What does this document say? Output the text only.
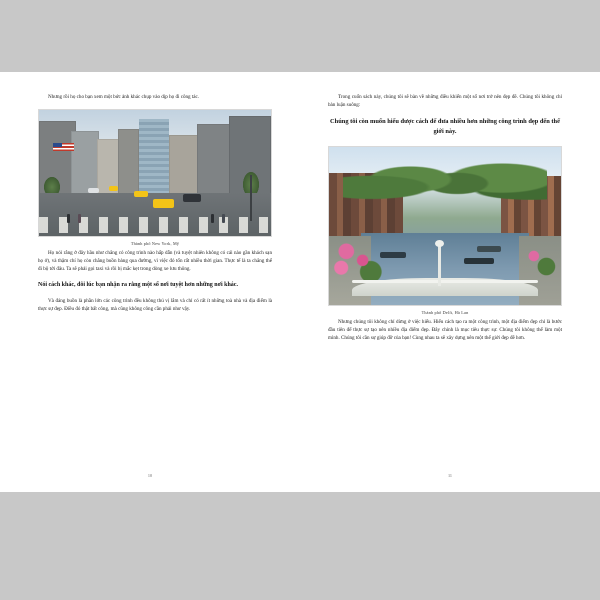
Nhưng rồi họ cho bạn xem một bức ảnh khác chụp vào dịp họ đi công tác.

Thành phố New York, Mỹ

Họ nói rằng ở đây hầu như chẳng có công trình nào hấp dẫn (và tuyệt nhiên không có cái nào gần khách sạn họ ở), và thậm chí họ còn chẳng buồn bàng qua đường, vì việc đó tốn rất nhiều thời gian. Thực tế là ta chẳng thể đi bộ tới đâu. Ta sẽ phải gọi taxi và rồi bị mắc kẹt trong dòng xe lưu thông.

Nói cách khác, đôi lúc bạn nhận ra rằng một số nơi tuyệt hơn những nơi khác.

Và đáng buồn là phần lớn các công trình đều không thú vị lắm và chỉ có rất ít những toà nhà và địa điểm là thực sự đẹp. Điều đó thật bất công, mà cũng không công cần phải như vậy.

10

Trong cuốn sách này, chúng tôi sẽ bàn về những điều khiến một số nơi trở nên đẹp đẽ. Chúng tôi không chỉ bàn luận suông:

Chúng tôi còn muốn hiểu được cách để đưa nhiều hơn những công trình đẹp đến thế giới này.

Thành phố Delft, Hà Lan

Nhưng chúng tôi không chỉ dừng ở việc hiểu. Hiểu cách tạo ra một công trình, một địa điểm đẹp chỉ là bước đầu tiên để thực sự tạo nên nhiều địa điểm đẹp. Đây chính là mục tiêu thực sự. Chúng tôi không thể làm một mình. Chúng tôi cần sự giúp đỡ của bạn! Cùng nhau ta sẽ xây dựng nên một thế giới đẹp đẽ hơn.

11
